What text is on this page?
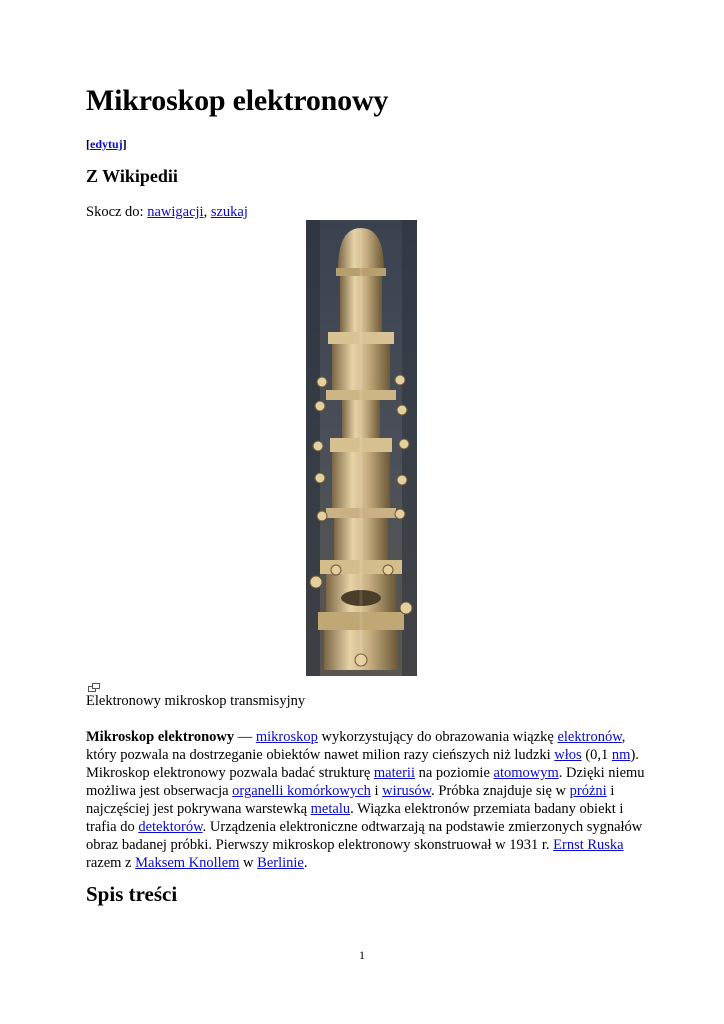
Mikroskop elektronowy
[edytuj]
Z Wikipedii
Skocz do: nawigacji, szukaj
Elektronowy mikroskop transmisyjny

Mikroskop elektronowy — mikroskop wykorzystujący do obrazowania wiązkę elektronów, który pozwala na dostrzeganie obiektów nawet milion razy cieńszych niż ludzki włos (0,1 nm). Mikroskop elektronowy pozwala badać strukturę materii na poziomie atomowym. Dzięki niemu możliwa jest obserwacja organelli komórkowych i wirusów. Próbka znajduje się w próżni i najczęściej jest pokrywana warstewką metalu. Wiązka elektronów przemiata badany obiekt i trafia do detektorów. Urządzenia elektroniczne odtwarzają na podstawie zmierzonych sygnałów obraz badanej próbki. Pierwszy mikroskop elektronowy skonstruował w 1931 r. Ernst Ruska razem z Maksem Knollem w Berlinie.

Spis treści
1
